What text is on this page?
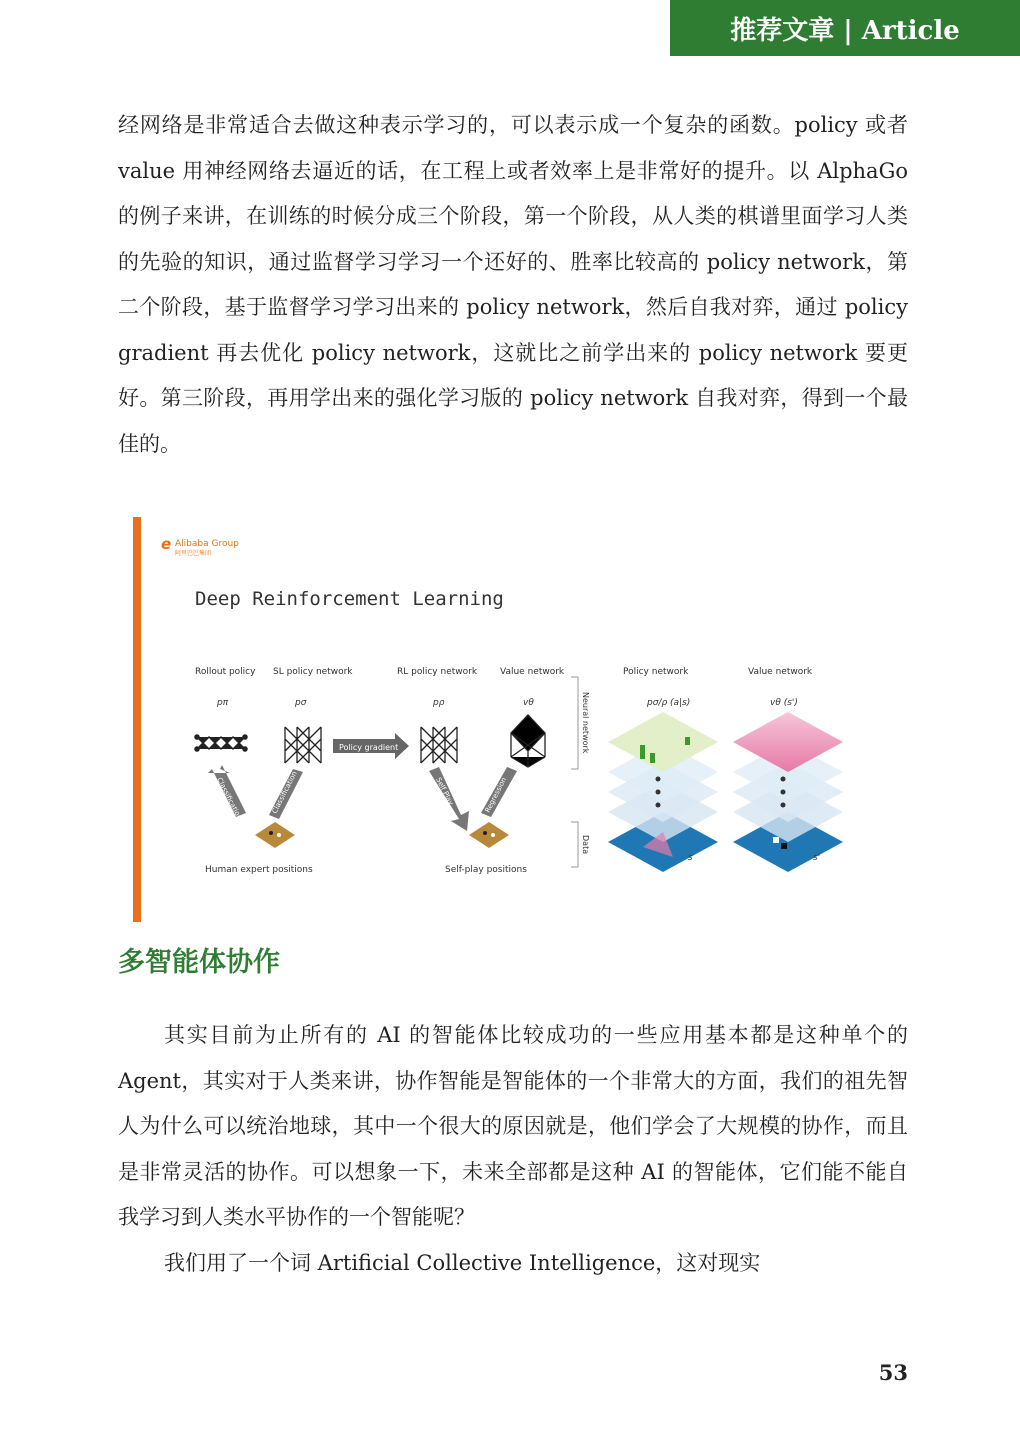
推荐文章 | Article

经网络是非常适合去做这种表示学习的，可以表示成一个复杂的函数。policy 或者 value 用神经网络去逼近的话，在工程上或者效率上是非常好的提升。以 AlphaGo 的例子来讲，在训练的时候分成三个阶段，第一个阶段，从人类的棋谱里面学习人类的先验的知识，通过监督学习学习一个还好的、胜率比较高的 policy network，第二个阶段，基于监督学习学习出来的 policy network，然后自我对弈，通过 policy gradient 再去优化 policy network，这就比之前学出来的 policy network 要更好。第三阶段，再用学出来的强化学习版的 policy network 自我对弈，得到一个最佳的。

e Alibaba Group
阿里巴巴集团
Deep Reinforcement Learning
Rollout policy SL policy network	RL policy network	Value network	Policy network	Value network
pπ	pσ	pρ	vθ	pσ/ρ (a|s)	vθ (s')
Policy gradient
Classification	Classification	Self Play	Regression
Human expert positions	Self-play positions
Neural network
Data
s	s'
多智能体协作

其实目前为止所有的 AI 的智能体比较成功的一些应用基本都是这种单个的 Agent，其实对于人类来讲，协作智能是智能体的一个非常大的方面，我们的祖先智人为什么可以统治地球，其中一个很大的原因就是，他们学会了大规模的协作，而且是非常灵活的协作。可以想象一下，未来全部都是这种 AI 的智能体，它们能不能自我学习到人类水平协作的一个智能呢？

我们用了一个词 Artificial Collective Intelligence，这对现实

53
